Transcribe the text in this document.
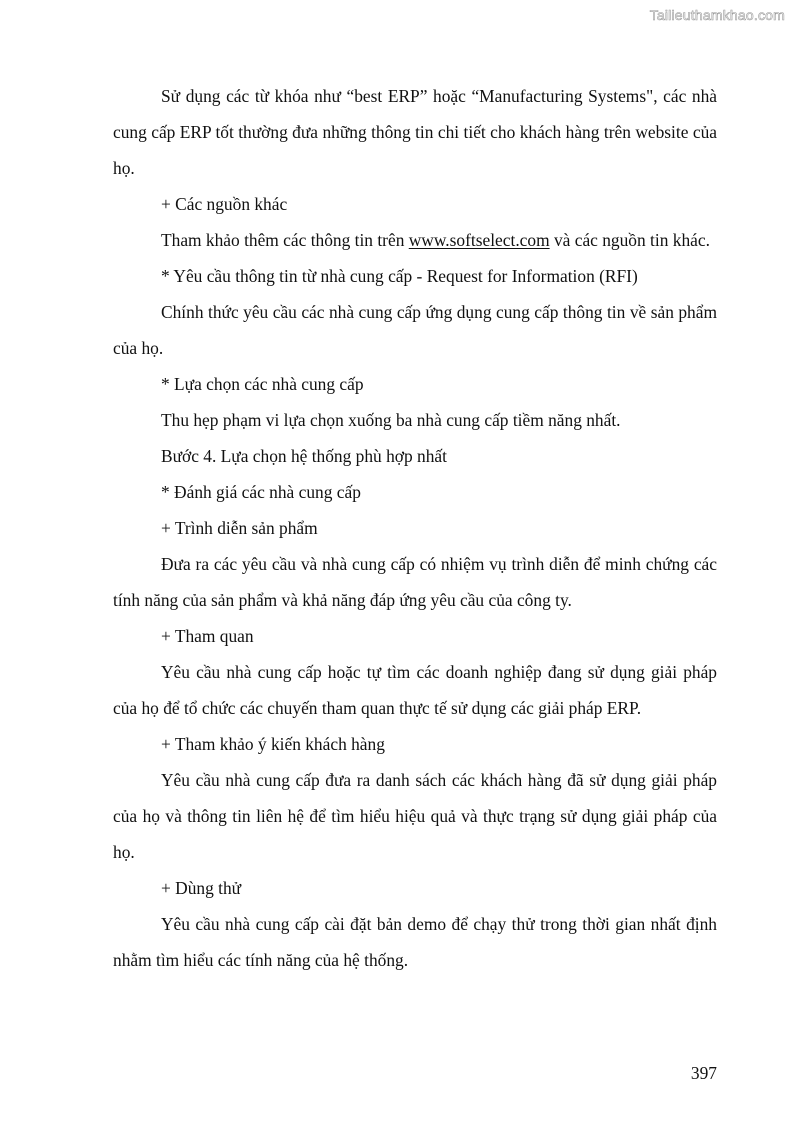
Tailieuthamkhao.com

Sử dụng các từ khóa như “best ERP” hoặc “Manufacturing Systems", các nhà cung cấp ERP tốt thường đưa những thông tin chi tiết cho khách hàng trên website của họ.

+ Các nguồn khác

Tham khảo thêm các thông tin trên www.softselect.com và các nguồn tin khác.

* Yêu cầu thông tin từ nhà cung cấp - Request for Information (RFI)

Chính thức yêu cầu các nhà cung cấp ứng dụng cung cấp thông tin về sản phẩm của họ.

* Lựa chọn các nhà cung cấp

Thu hẹp phạm vi lựa chọn xuống ba nhà cung cấp tiềm năng nhất.

Bước 4. Lựa chọn hệ thống phù hợp nhất

* Đánh giá các nhà cung cấp

+ Trình diễn sản phẩm

Đưa ra các yêu cầu và nhà cung cấp có nhiệm vụ trình diễn để minh chứng các tính năng của sản phẩm và khả năng đáp ứng yêu cầu của công ty.

+ Tham quan

Yêu cầu nhà cung cấp hoặc tự tìm các doanh nghiệp đang sử dụng giải pháp của họ để tổ chức các chuyến tham quan thực tế sử dụng các giải pháp ERP.

+ Tham khảo ý kiến khách hàng

Yêu cầu nhà cung cấp đưa ra danh sách các khách hàng đã sử dụng giải pháp của họ và thông tin liên hệ để tìm hiểu hiệu quả và thực trạng sử dụng giải pháp của họ.

+ Dùng thử

Yêu cầu nhà cung cấp cài đặt bản demo để chạy thử trong thời gian nhất định nhằm tìm hiểu các tính năng của hệ thống.

397
